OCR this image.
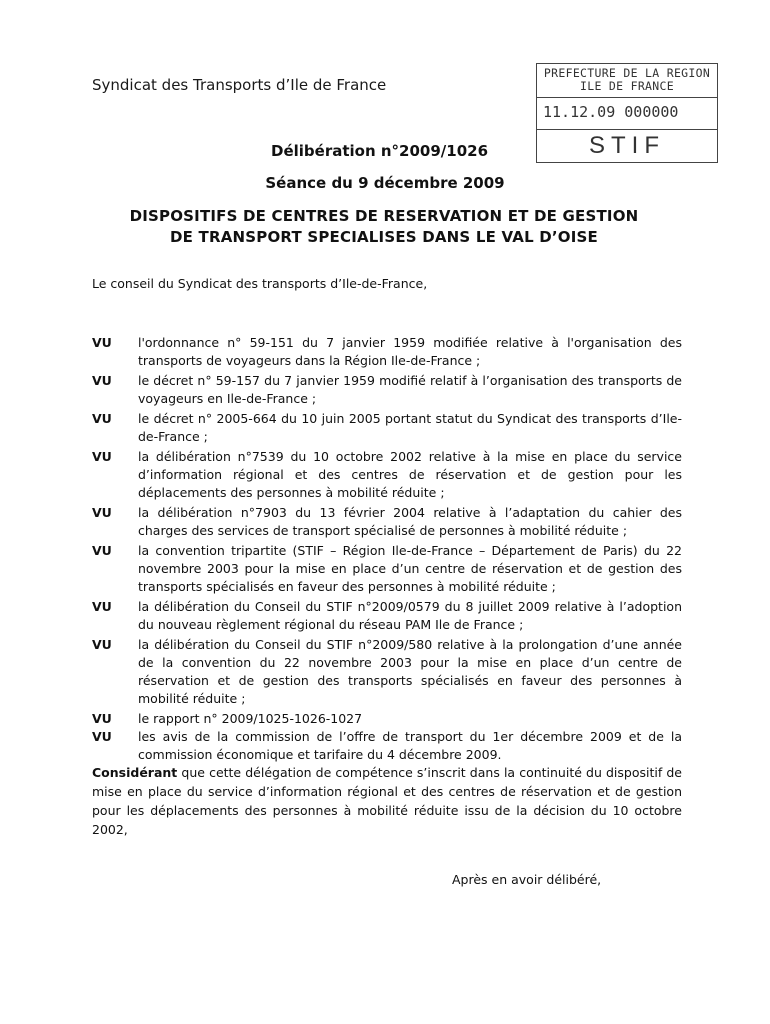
Syndicat des Transports d’Ile de France
PREFECTURE DE LA REGION
ILE DE FRANCE
11.12.09 000000
STIF
Délibération n°2009/1026
Séance du 9 décembre 2009
DISPOSITIFS DE CENTRES DE RESERVATION ET DE GESTION
DE TRANSPORT SPECIALISES DANS LE VAL D’OISE
Le conseil du Syndicat des transports d’Ile-de-France,
VU	l'ordonnance n° 59-151 du 7 janvier 1959 modifiée relative à l'organisation des transports de voyageurs dans la Région Ile-de-France ;
VU	le décret n° 59-157 du 7 janvier 1959 modifié relatif à l’organisation des transports de voyageurs en Ile-de-France ;
VU	le décret n° 2005-664 du 10 juin 2005 portant statut du Syndicat des transports d’Ile-de-France ;
VU	la délibération n°7539 du 10 octobre 2002 relative à la mise en place du service d’information régional et des centres de réservation et de gestion pour les déplacements des personnes à mobilité réduite ;
VU	la délibération n°7903 du 13 février 2004 relative à l’adaptation du cahier des charges des services de transport spécialisé de personnes à mobilité réduite ;
VU	la convention tripartite (STIF – Région Ile-de-France – Département de Paris) du 22 novembre 2003 pour la mise en place d’un centre de réservation et de gestion des transports spécialisés en faveur des personnes à mobilité réduite ;
VU	la délibération du Conseil du STIF n°2009/0579 du 8 juillet 2009 relative à l’adoption du nouveau règlement régional du réseau PAM Ile de France ;
VU	la délibération du Conseil du STIF n°2009/580 relative à la prolongation d’une année de la convention du 22 novembre 2003 pour la mise en place d’un centre de réservation et de gestion des transports spécialisés en faveur des personnes à mobilité réduite ;
VU	le rapport n° 2009/1025-1026-1027
VU	les avis de la commission de l’offre de transport du 1er décembre 2009 et de la commission économique et tarifaire du 4 décembre 2009.
Considérant que cette délégation de compétence s’inscrit dans la continuité du dispositif de mise en place du service d’information régional et des centres de réservation et de gestion pour les déplacements des personnes à mobilité réduite issu de la décision du 10 octobre 2002,
Après en avoir délibéré,
